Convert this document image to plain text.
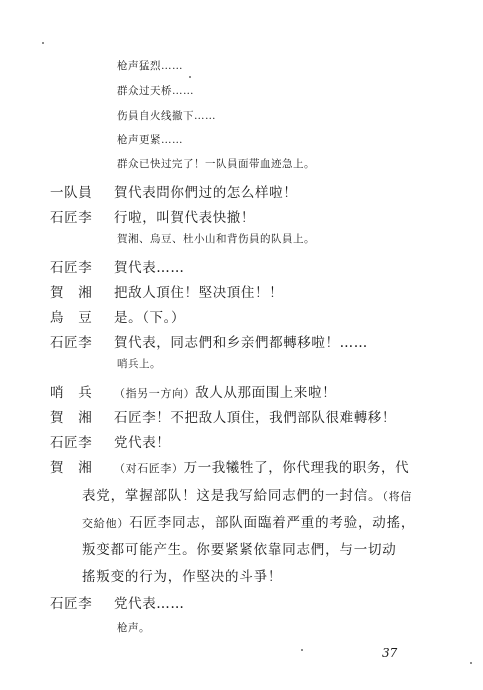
枪声猛烈……
群众过天桥……
伤員自火线撤下……
枪声更紧……
群众已快过完了！一队員面带血迹急上。
一队員 賀代表問你們过的怎么样啦！
石匠李 行啦，叫賀代表快撤！
賀湘、烏豆、杜小山和背伤員的队員上。
石匠李 賀代表……
賀　湘 把敌人頂住！堅决頂住！！
烏　豆 是。（下。）
石匠李 賀代表，同志們和乡亲們都轉移啦！……
哨兵上。
哨　兵 （指另一方向）敌人从那面围上来啦！
賀　湘 石匠李！不把敌人頂住，我們部队很难轉移！
石匠李 党代表！
賀　湘 （对石匠李）万一我犧牲了，你代理我的职务，代
表党，掌握部队！这是我写給同志們的一封信。（将信
交給他）石匠李同志，部队面臨着严重的考验，动搖，
叛变都可能产生。你要紧紧依靠同志們，与一切动
搖叛变的行为，作堅决的斗爭！
石匠李 党代表……
枪声。
37
